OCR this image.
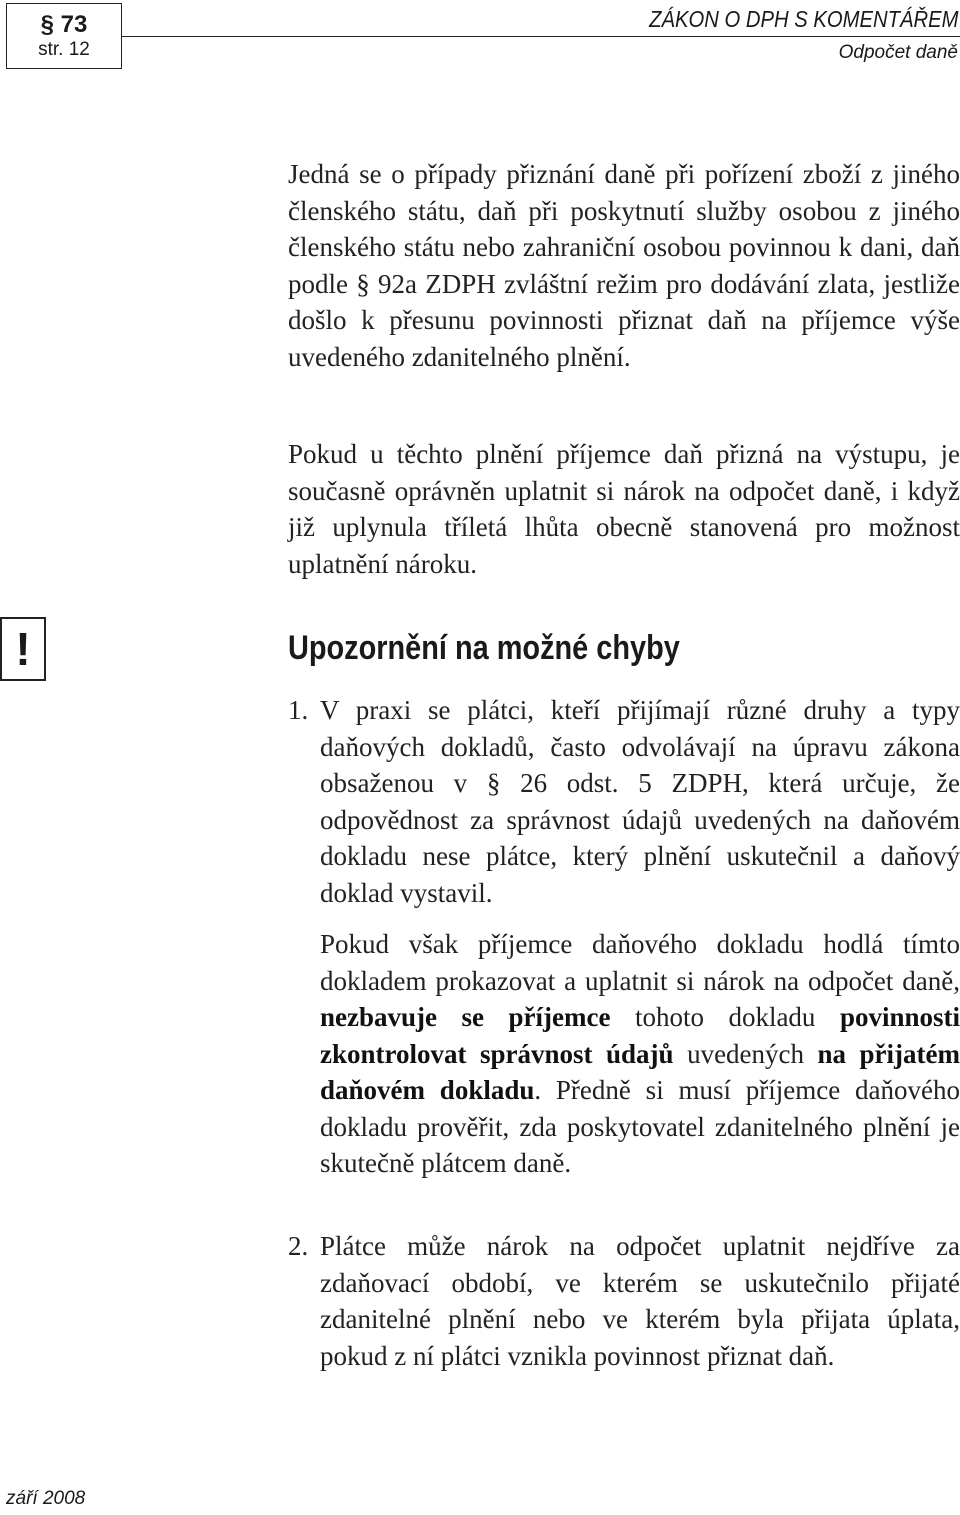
§ 73
str. 12
ZÁKON O DPH S KOMENTÁŘEM
Odpočet daně

Jedná se o případy přiznání daně při pořízení zboží z jiného členského státu, daň při poskytnutí služby osobou z jiného členského státu nebo zahraniční osobou povinnou k dani, daň podle § 92a ZDPH zvláštní režim pro dodávání zlata, jestliže došlo k přesunu povinnosti přiznat daň na příjemce výše uvedeného zdanitelného plnění.

Pokud u těchto plnění příjemce daň přizná na výstupu, je současně oprávněn uplatnit si nárok na odpočet daně, i když již uplynula tříletá lhůta obecně stanovená pro možnost uplatnění nároku.

!	Upozornění na možné chyby
1. V praxi se plátci, kteří přijímají různé druhy a typy daňových dokladů, často odvolávají na úpravu zákona obsaženou v § 26 odst. 5 ZDPH, která určuje, že odpovědnost za správnost údajů uvedených na daňovém dokladu nese plátce, který plnění uskutečnil a daňový doklad vystavil.

Pokud však příjemce daňového dokladu hodlá tímto dokladem prokazovat a uplatnit si nárok na odpočet daně, nezbavuje se příjemce tohoto dokladu povinnosti zkontrolovat správnost údajů uvedených na přijatém daňovém dokladu. Předně si musí příjemce daňového dokladu prověřit, zda poskytovatel zdanitelného plnění je skutečně plátcem daně.

2. Plátce může nárok na odpočet uplatnit nejdříve za zdaňovací období, ve kterém se uskutečnilo přijaté zdanitelné plnění nebo ve kterém byla přijata úplata, pokud z ní plátci vznikla povinnost přiznat daň.

září 2008
